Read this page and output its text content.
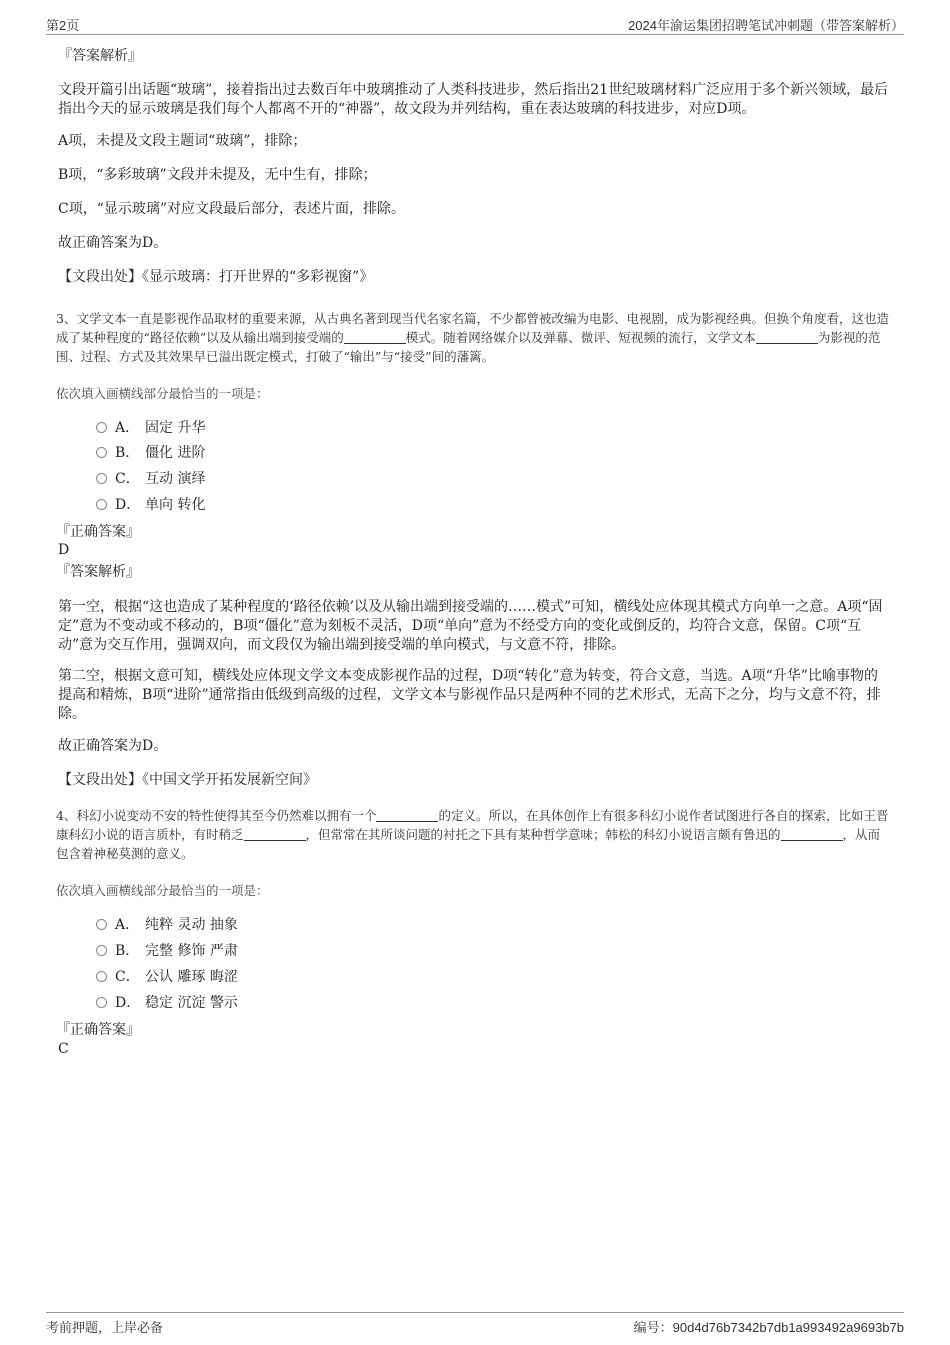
第2页	2024年渝运集团招聘笔试冲刺题（带答案解析）
『答案解析』
文段开篇引出话题“玻璃”，接着指出过去数百年中玻璃推动了人类科技进步，然后指出21世纪玻璃材料广泛应用于多个新兴领域，最后指出今天的显示玻璃是我们每个人都离不开的“神器”，故文段为并列结构，重在表达玻璃的科技进步，对应D项。
A项，未提及文段主题词“玻璃”，排除；
B项，“多彩玻璃”文段并未提及，无中生有，排除；
C项，“显示玻璃”对应文段最后部分，表述片面，排除。
故正确答案为D。
【文段出处】《显示玻璃：打开世界的“多彩视窗”》
3、文学文本一直是影视作品取材的重要来源，从古典名著到现当代名家名篇，不少都曾被改编为电影、电视剧，成为影视经典。但换个角度看，这也造成了某种程度的“路径依赖”以及从输出端到接受端的	模式。随着网络媒介以及弹幕、微评、短视频的流行，文学文本	为影视的范围、过程、方式及其效果早已溢出既定模式，打破了“输出”与“接受”间的藩篱。
依次填入画横线部分最恰当的一项是：
A． 固定 升华
B． 僵化 进阶
C． 互动 演绎
D． 单向 转化
『正确答案』
D
『答案解析』
第一空，根据“这也造成了某种程度的‘路径依赖’以及从输出端到接受端的……模式”可知，横线处应体现其模式方向单一之意。A项“固定”意为不变动或不移动的，B项“僵化”意为刻板不灵活，D项“单向”意为不经受方向的变化或倒反的，均符合文意，保留。C项“互动”意为交互作用，强调双向，而文段仅为输出端到接受端的单向模式，与文意不符，排除。
第二空，根据文意可知，横线处应体现文学文本变成影视作品的过程，D项“转化”意为转变，符合文意，当选。A项“升华”比喻事物的提高和精炼，B项“进阶”通常指由低级到高级的过程，文学文本与影视作品只是两种不同的艺术形式，无高下之分，均与文意不符，排除。
故正确答案为D。
【文段出处】《中国文学开拓发展新空间》
4、科幻小说变动不安的特性使得其至今仍然难以拥有一个	的定义。所以，在具体创作上有很多科幻小说作者试图进行各自的探索，比如王晋康科幻小说的语言质朴，有时稍乏	，但常常在其所谈问题的衬托之下具有某种哲学意味；韩松的科幻小说语言颇有鲁迅的	，从而包含着神秘莫测的意义。
依次填入画横线部分最恰当的一项是：
A． 纯粹 灵动 抽象
B． 完整 修饰 严肃
C． 公认 雕琢 晦涩
D． 稳定 沉淀 警示
『正确答案』
C
考前押题，上岸必备	编号：90d4d76b7342b7db1a993492a9693b7b
